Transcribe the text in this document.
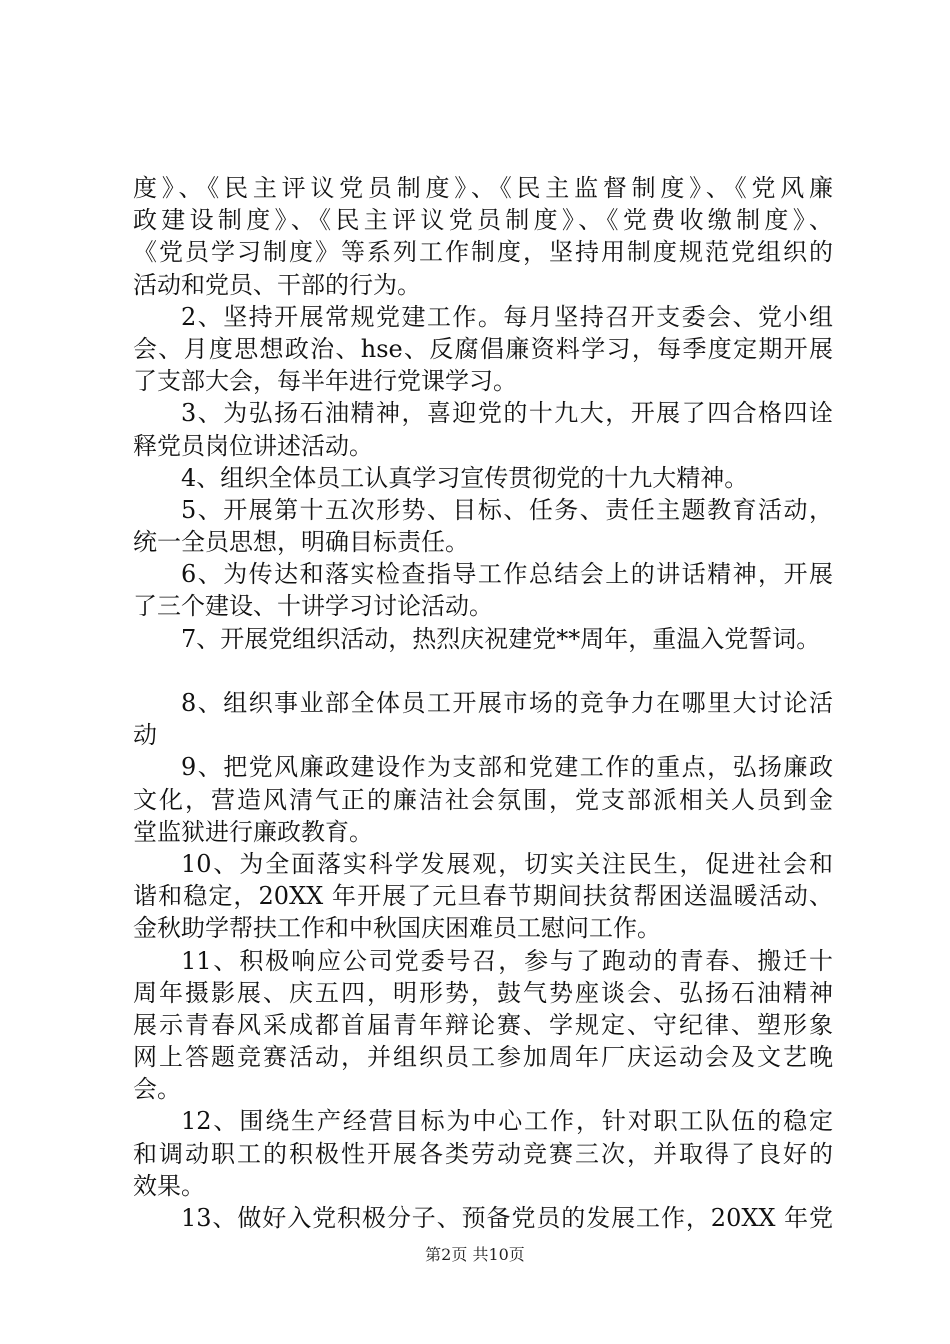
度》、《民主评议党员制度》、《民主监督制度》、《党风廉
政建设制度》、《民主评议党员制度》、《党费收缴制度》、
《党员学习制度》等系列工作制度，坚持用制度规范党组织的
活动和党员、干部的行为。
2、坚持开展常规党建工作。每月坚持召开支委会、党小组
会、月度思想政治、hse、反腐倡廉资料学习，每季度定期开展
了支部大会，每半年进行党课学习。
3、为弘扬石油精神，喜迎党的十九大，开展了四合格四诠
释党员岗位讲述活动。
4、组织全体员工认真学习宣传贯彻党的十九大精神。
5、开展第十五次形势、目标、任务、责任主题教育活动，
统一全员思想，明确目标责任。
6、为传达和落实检查指导工作总结会上的讲话精神，开展
了三个建设、十讲学习讨论活动。
7、开展党组织活动，热烈庆祝建党**周年，重温入党誓词。
8、组织事业部全体员工开展市场的竞争力在哪里大讨论活
动
9、把党风廉政建设作为支部和党建工作的重点，弘扬廉政
文化，营造风清气正的廉洁社会氛围，党支部派相关人员到金
堂监狱进行廉政教育。
10、为全面落实科学发展观，切实关注民生，促进社会和
谐和稳定，20XX 年开展了元旦春节期间扶贫帮困送温暖活动、
金秋助学帮扶工作和中秋国庆困难员工慰问工作。
11、积极响应公司党委号召，参与了跑动的青春、搬迁十
周年摄影展、庆五四，明形势，鼓气势座谈会、弘扬石油精神
展示青春风采成都首届青年辩论赛、学规定、守纪律、塑形象
网上答题竞赛活动，并组织员工参加周年厂庆运动会及文艺晚
会。
12、围绕生产经营目标为中心工作，针对职工队伍的稳定
和调动职工的积极性开展各类劳动竞赛三次，并取得了良好的
效果。
13、做好入党积极分子、预备党员的发展工作，20XX 年党
第2页 共10页
